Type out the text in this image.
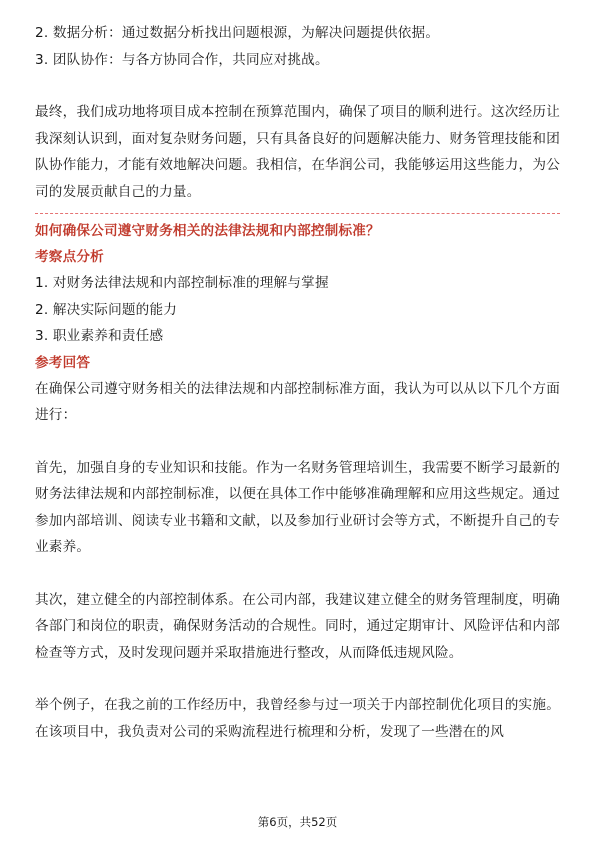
2. 数据分析：通过数据分析找出问题根源，为解决问题提供依据。

3. 团队协作：与各方协同合作，共同应对挑战。

最终，我们成功地将项目成本控制在预算范围内，确保了项目的顺利进行。这次经历让我深刻认识到，面对复杂财务问题，只有具备良好的问题解决能力、财务管理技能和团队协作能力，才能有效地解决问题。我相信，在华润公司，我能够运用这些能力，为公司的发展贡献自己的力量。

如何确保公司遵守财务相关的法律法规和内部控制标准？

考察点分析

1. 对财务法律法规和内部控制标准的理解与掌握

2. 解决实际问题的能力

3. 职业素养和责任感

参考回答

在确保公司遵守财务相关的法律法规和内部控制标准方面，我认为可以从以下几个方面进行：

首先，加强自身的专业知识和技能。作为一名财务管理培训生，我需要不断学习最新的财务法律法规和内部控制标准，以便在具体工作中能够准确理解和应用这些规定。通过参加内部培训、阅读专业书籍和文献，以及参加行业研讨会等方式，不断提升自己的专业素养。

其次，建立健全的内部控制体系。在公司内部，我建议建立健全的财务管理制度，明确各部门和岗位的职责，确保财务活动的合规性。同时，通过定期审计、风险评估和内部检查等方式，及时发现问题并采取措施进行整改，从而降低违规风险。

举个例子，在我之前的工作经历中，我曾经参与过一项关于内部控制优化项目的实施。在该项目中，我负责对公司的采购流程进行梳理和分析，发现了一些潜在的风

第6页，共52页
